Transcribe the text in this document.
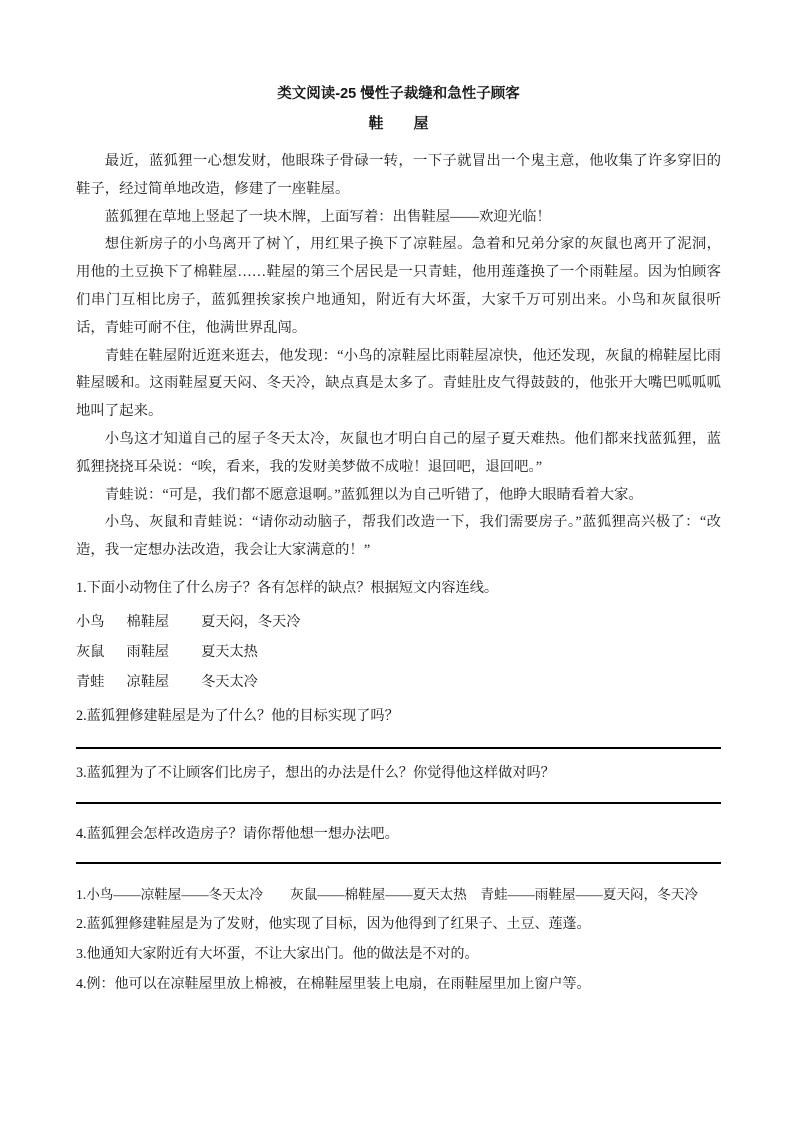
类文阅读-25 慢性子裁缝和急性子顾客
鞋　　屋

最近，蓝狐狸一心想发财，他眼珠子骨碌一转，一下子就冒出一个鬼主意，他收集了许多穿旧的鞋子，经过简单地改造，修建了一座鞋屋。

蓝狐狸在草地上竖起了一块木牌，上面写着：出售鞋屋——欢迎光临！

想住新房子的小鸟离开了树丫，用红果子换下了凉鞋屋。急着和兄弟分家的灰鼠也离开了泥洞，用他的土豆换下了棉鞋屋……鞋屋的第三个居民是一只青蛙，他用莲蓬换了一个雨鞋屋。因为怕顾客们串门互相比房子，蓝狐狸挨家挨户地通知，附近有大坏蛋，大家千万可别出来。小鸟和灰鼠很听话，青蛙可耐不住，他满世界乱闯。

青蛙在鞋屋附近逛来逛去，他发现：“小鸟的凉鞋屋比雨鞋屋凉快，他还发现，灰鼠的棉鞋屋比雨鞋屋暖和。这雨鞋屋夏天闷、冬天冷，缺点真是太多了。青蛙肚皮气得鼓鼓的，他张开大嘴巴呱呱呱地叫了起来。

小鸟这才知道自己的屋子冬天太冷，灰鼠也才明白自己的屋子夏天难热。他们都来找蓝狐狸，蓝狐狸挠挠耳朵说：“唉，看来，我的发财美梦做不成啦！退回吧，退回吧。”

青蛙说：“可是，我们都不愿意退啊。”蓝狐狸以为自己听错了，他睁大眼睛看着大家。

小鸟、灰鼠和青蛙说：“请你动动脑子，帮我们改造一下，我们需要房子。”蓝狐狸高兴极了：“改造，我一定想办法改造，我会让大家满意的！”

1.下面小动物住了什么房子？各有怎样的缺点？根据短文内容连线。
小鸟 棉鞋屋 夏天闷，冬天冷
灰鼠 雨鞋屋 夏天太热
青蛙 凉鞋屋 冬天太冷
2.蓝狐狸修建鞋屋是为了什么？他的目标实现了吗？
3.蓝狐狸为了不让顾客们比房子，想出的办法是什么？你觉得他这样做对吗？
4.蓝狐狸会怎样改造房子？请你帮他想一想办法吧。
1.小鸟——凉鞋屋——冬天太冷　　灰鼠——棉鞋屋——夏天太热　青蛙——雨鞋屋——夏天闷，冬天冷
2.蓝狐狸修建鞋屋是为了发财，他实现了目标，因为他得到了红果子、土豆、莲蓬。
3.他通知大家附近有大坏蛋，不让大家出门。他的做法是不对的。
4.例：他可以在凉鞋屋里放上棉被，在棉鞋屋里装上电扇，在雨鞋屋里加上窗户等。
